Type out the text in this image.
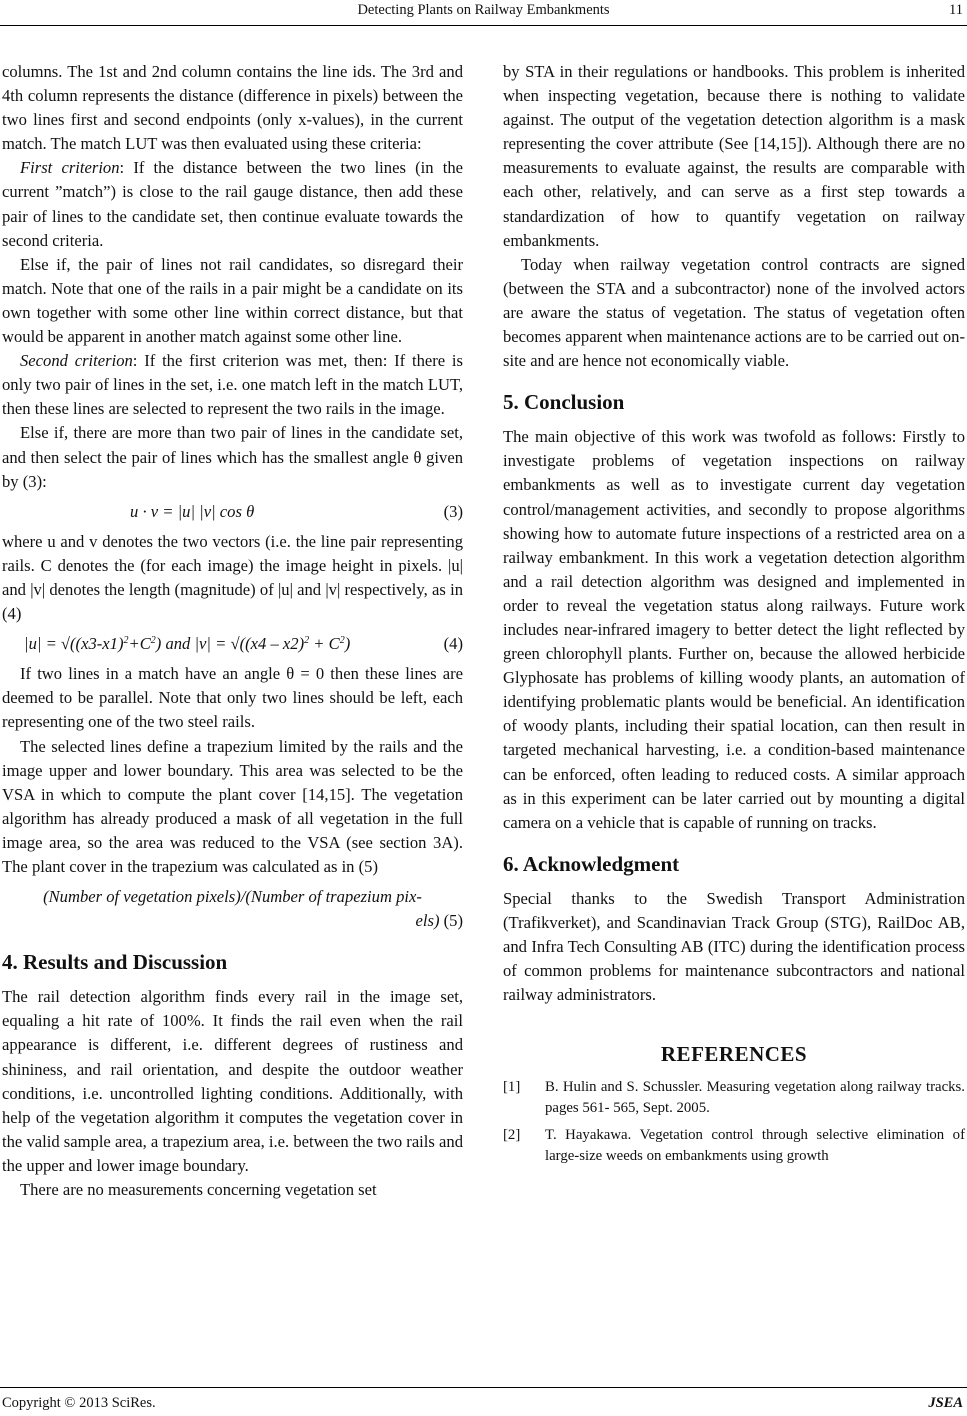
Detecting Plants on Railway Embankments	11

columns. The 1st and 2nd column contains the line ids. The 3rd and 4th column represents the distance (difference in pixels) between the two lines first and second endpoints (only x-values), in the current match. The match LUT was then evaluated using these criteria:

First criterion: If the distance between the two lines (in the current ”match”) is close to the rail gauge distance, then add these pair of lines to the candidate set, then continue evaluate towards the second criteria.

Else if, the pair of lines not rail candidates, so disregard their match. Note that one of the rails in a pair might be a candidate on its own together with some other line within correct distance, but that would be apparent in another match against some other line.

Second criterion: If the first criterion was met, then: If there is only two pair of lines in the set, i.e. one match left in the match LUT, then these lines are selected to represent the two rails in the image.

Else if, there are more than two pair of lines in the candidate set, and then select the pair of lines which has the smallest angle θ given by (3):

u · v = |u| |v| cos θ	(3)

where u and v denotes the two vectors (i.e. the line pair representing rails. C denotes the (for each image) the image height in pixels. |u| and |v| denotes the length (magnitude) of |u| and |v| respectively, as in (4)

$|u| = √((x3-x1)^2+C^2)$ and $|v| = √((x4 - x2)^2 + C^2)$	(4)

If two lines in a match have an angle θ = 0 then these lines are deemed to be parallel. Note that only two lines should be left, each representing one of the two steel rails.

The selected lines define a trapezium limited by the rails and the image upper and lower boundary. This area was selected to be the VSA in which to compute the plant cover [14,15]. The vegetation algorithm has already produced a mask of all vegetation in the full image area, so the area was reduced to the VSA (see section 3A). The plant cover in the trapezium was calculated as in (5)

(Number of vegetation pixels)/(Number of trapezium pix-
els) (5)
4. Results and Discussion

The rail detection algorithm finds every rail in the image set, equaling a hit rate of 100%. It finds the rail even when the rail appearance is different, i.e. different degrees of rustiness and shininess, and rail orientation, and despite the outdoor weather conditions, i.e. uncontrolled lighting conditions. Additionally, with help of the vegetation algorithm it computes the vegetation cover in the valid sample area, a trapezium area, i.e. between the two rails and the upper and lower image boundary.

There are no measurements concerning vegetation set

by STA in their regulations or handbooks. This problem is inherited when inspecting vegetation, because there is nothing to validate against. The output of the vegetation detection algorithm is a mask representing the cover attribute (See [14,15]). Although there are no measurements to evaluate against, the results are comparable with each other, relatively, and can serve as a first step towards a standardization of how to quantify vegetation on railway embankments.

Today when railway vegetation control contracts are signed (between the STA and a subcontractor) none of the involved actors are aware the status of vegetation. The status of vegetation often becomes apparent when maintenance actions are to be carried out on-site and are hence not economically viable.

5. Conclusion

The main objective of this work was twofold as follows: Firstly to investigate problems of vegetation inspections on railway embankments as well as to investigate current day vegetation control/management activities, and secondly to propose algorithms showing how to automate future inspections of a restricted area on a railway embankment. In this work a vegetation detection algorithm and a rail detection algorithm was designed and implemented in order to reveal the vegetation status along railways. Future work includes near-infrared imagery to better detect the light reflected by green chlorophyll plants. Further on, because the allowed herbicide Glyphosate has problems of killing woody plants, an automation of identifying problematic plants would be beneficial. An identification of woody plants, including their spatial location, can then result in targeted mechanical harvesting, i.e. a condition-based maintenance can be enforced, often leading to reduced costs. A similar approach as in this experiment can be later carried out by mounting a digital camera on a vehicle that is capable of running on tracks.

6. Acknowledgment

Special thanks to the Swedish Transport Administration (Trafikverket), and Scandinavian Track Group (STG), RailDoc AB, and Infra Tech Consulting AB (ITC) during the identification process of common problems for maintenance subcontractors and national railway administrators.

REFERENCES
[1]	B. Hulin and S. Schussler. Measuring vegetation along railway tracks. pages 561- 565, Sept. 2005.
[2]	T. Hayakawa. Vegetation control through selective elimination of large-size weeds on embankments using growth
Copyright © 2013 SciRes.	JSEA
